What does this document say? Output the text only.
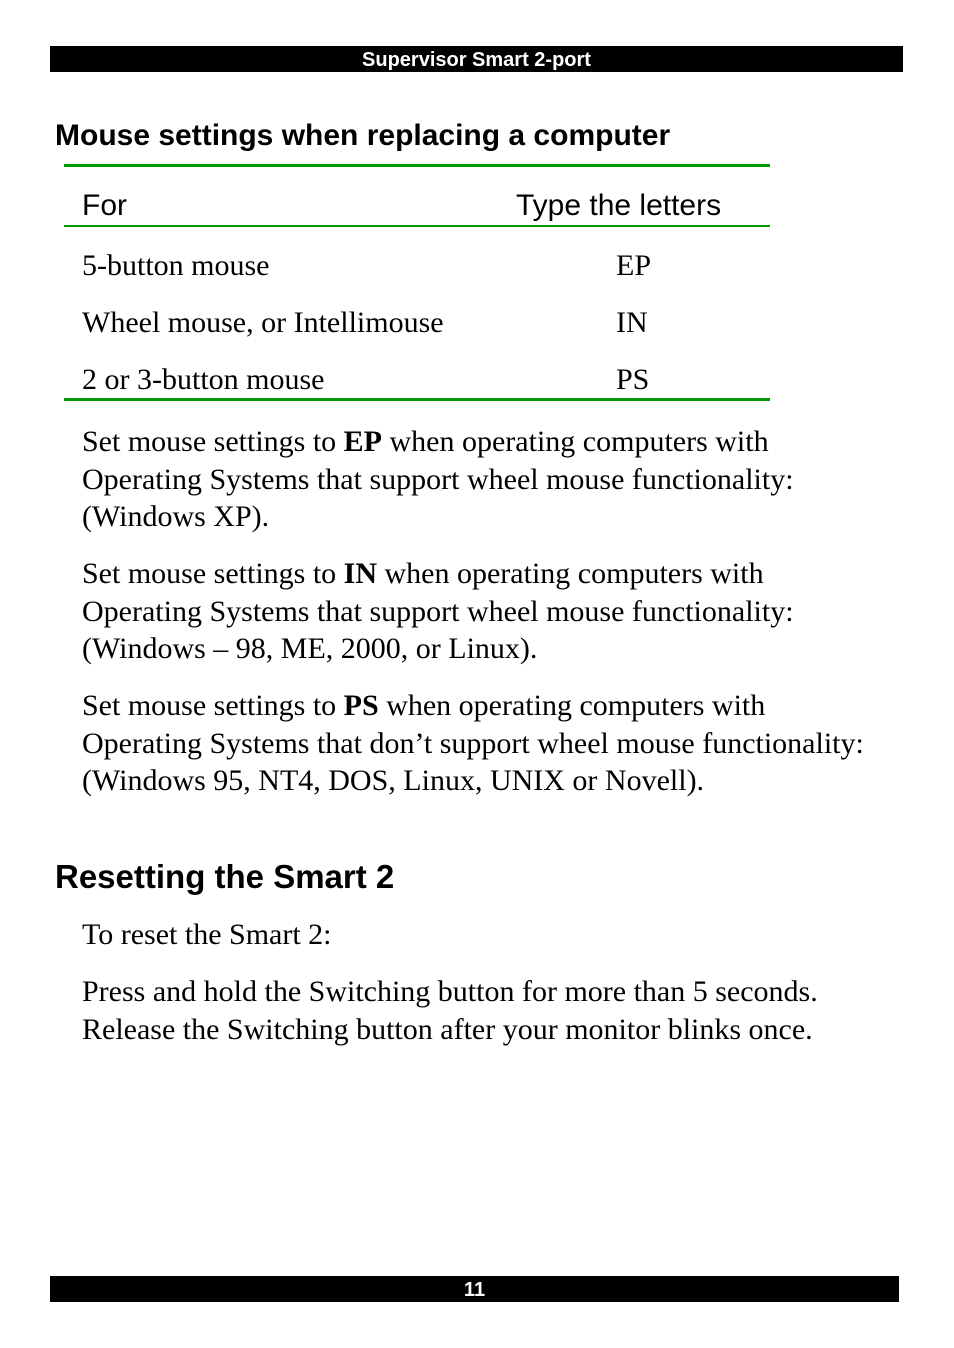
Supervisor Smart 2-port
Mouse settings when replacing a computer
For	Type the letters
5-button mouse	EP
Wheel mouse, or Intellimouse	IN
2 or 3-button mouse	PS

Set mouse settings to EP when operating computers with Operating Systems that support wheel mouse functionality: (Windows XP).

Set mouse settings to IN when operating computers with Operating Systems that support wheel mouse functionality: (Windows – 98, ME, 2000, or Linux).

Set mouse settings to PS when operating computers with Operating Systems that don’t support wheel mouse functionality: (Windows 95, NT4, DOS, Linux, UNIX or Novell).

Resetting the Smart 2

To reset the Smart 2:

Press and hold the Switching button for more than 5 seconds.
Release the Switching button after your monitor blinks once.

11
